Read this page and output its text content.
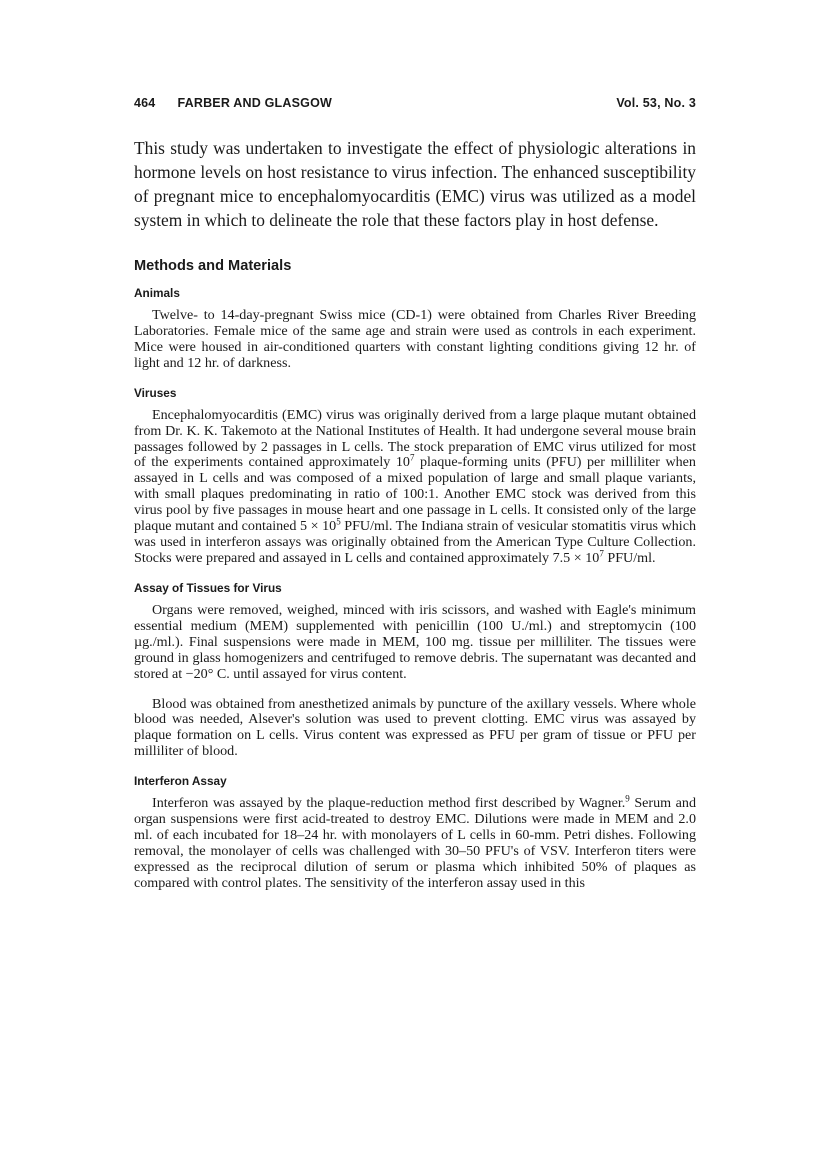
464 FARBER AND GLASGOW	Vol. 53, No. 3

This study was undertaken to investigate the effect of physiologic alterations in hormone levels on host resistance to virus infection. The enhanced susceptibility of pregnant mice to encephalomyocarditis (EMC) virus was utilized as a model system in which to delineate the role that these factors play in host defense.

Methods and Materials
Animals

Twelve- to 14-day-pregnant Swiss mice (CD-1) were obtained from Charles River Breeding Laboratories. Female mice of the same age and strain were used as controls in each experiment. Mice were housed in air-conditioned quarters with constant lighting conditions giving 12 hr. of light and 12 hr. of darkness.

Viruses

Encephalomyocarditis (EMC) virus was originally derived from a large plaque mutant obtained from Dr. K. K. Takemoto at the National Institutes of Health. It had undergone several mouse brain passages followed by 2 passages in L cells. The stock preparation of EMC virus utilized for most of the experiments contained approximately $10^7$ plaque-forming units (PFU) per milliliter when assayed in L cells and was composed of a mixed population of large and small plaque variants, with small plaques predominating in ratio of 100:1. Another EMC stock was derived from this virus pool by five passages in mouse heart and one passage in L cells. It consisted only of the large plaque mutant and contained $5 \times 10^5$ PFU/ml. The Indiana strain of vesicular stomatitis virus which was used in interferon assays was originally obtained from the American Type Culture Collection. Stocks were prepared and assayed in L cells and contained approximately $7.5 \times 10^7$ PFU/ml.

Assay of Tissues for Virus

Organs were removed, weighed, minced with iris scissors, and washed with Eagle's minimum essential medium (MEM) supplemented with penicillin (100 U./ml.) and streptomycin (100 µg./ml.). Final suspensions were made in MEM, 100 mg. tissue per milliliter. The tissues were ground in glass homogenizers and centrifuged to remove debris. The supernatant was decanted and stored at −20° C. until assayed for virus content.

Blood was obtained from anesthetized animals by puncture of the axillary vessels. Where whole blood was needed, Alsever's solution was used to prevent clotting. EMC virus was assayed by plaque formation on L cells. Virus content was expressed as PFU per gram of tissue or PFU per milliliter of blood.

Interferon Assay

Interferon was assayed by the plaque-reduction method first described by Wagner.$^9$ Serum and organ suspensions were first acid-treated to destroy EMC. Dilutions were made in MEM and 2.0 ml. of each incubated for 18–24 hr. with monolayers of L cells in 60-mm. Petri dishes. Following removal, the monolayer of cells was challenged with 30–50 PFU's of VSV. Interferon titers were expressed as the reciprocal dilution of serum or plasma which inhibited 50% of plaques as compared with control plates. The sensitivity of the interferon assay used in this
